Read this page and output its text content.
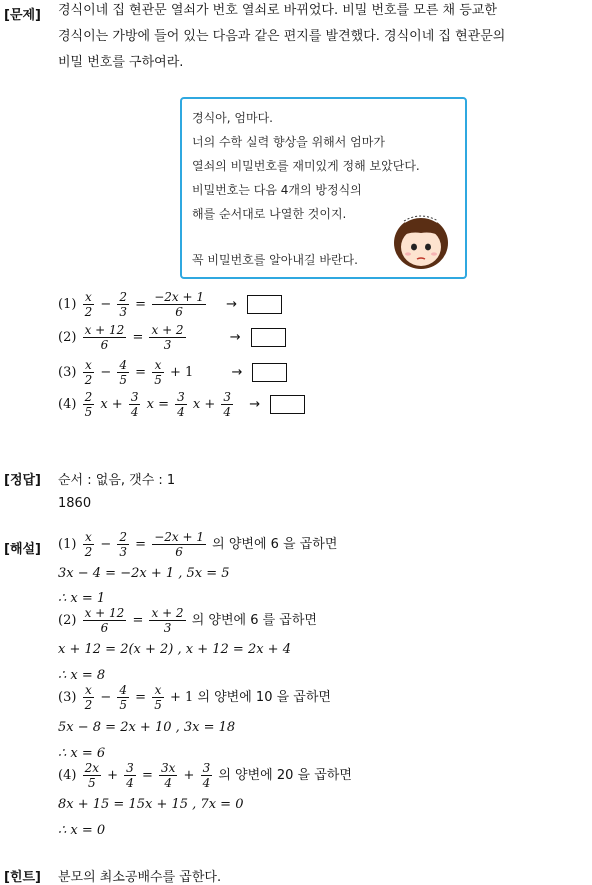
[문제] 경식이네 집 현관문 열쇠가 번호 열쇠로 바뀌었다. 비밀 번호를 모른 채 등교한
경식이는 가방에 들어 있는 다음과 같은 편지를 발견했다. 경식이네 집 현관문의
비밀 번호를 구하여라.
경식아, 엄마다.
너의 수학 실력 향상을 위해서 엄마가
열쇠의 비밀번호를 재미있게 정해 보았단다.
비밀번호는 다음 4개의 방정식의
해를 순서대로 나열한 것이지.
꼭 비밀번호를 알아내길 바란다.
$(1) \frac{x}{2} - \frac{2}{3} = \frac{-2x + 1}{6}$ →
$(2) \frac{x + 12}{6} = \frac{x + 2}{3}$	→
$(3) \frac{x}{2} - \frac{4}{5} = \frac{x}{5} + 1$	→
$(4) \frac{2}{5}$ $x + \frac{3}{4}$ $x = \frac{3}{4}$ $x + \frac{3}{4}$ →
[정답] 순서 : 없음, 갯수 : 1
1860
[해설] $(1) \frac{x}{2} - \frac{2}{3} = \frac{-2x + 1}{6}$ 의 양변에 6 을 곱하면
3x − 4 = −2x + 1 , 5x = 5
∴ x = 1
$(2) \frac{x + 12}{6} = \frac{x + 2}{3}$ 의 양변에 6 를 곱하면
x + 12 = 2(x + 2) , x + 12 = 2x + 4
∴ x = 8
$(3) \frac{x}{2} - \frac{4}{5} = \frac{x}{5} + 1$ 의 양변에 10 을 곱하면
5x − 8 = 2x + 10 , 3x = 18
∴ x = 6
$(4) \frac{2x}{5} + \frac{3}{4} = \frac{3x}{4} + \frac{3}{4}$ 의 양변에 20 을 곱하면
8x + 15 = 15x + 15 , 7x = 0
∴ x = 0
[힌트] 분모의 최소공배수를 곱한다.
